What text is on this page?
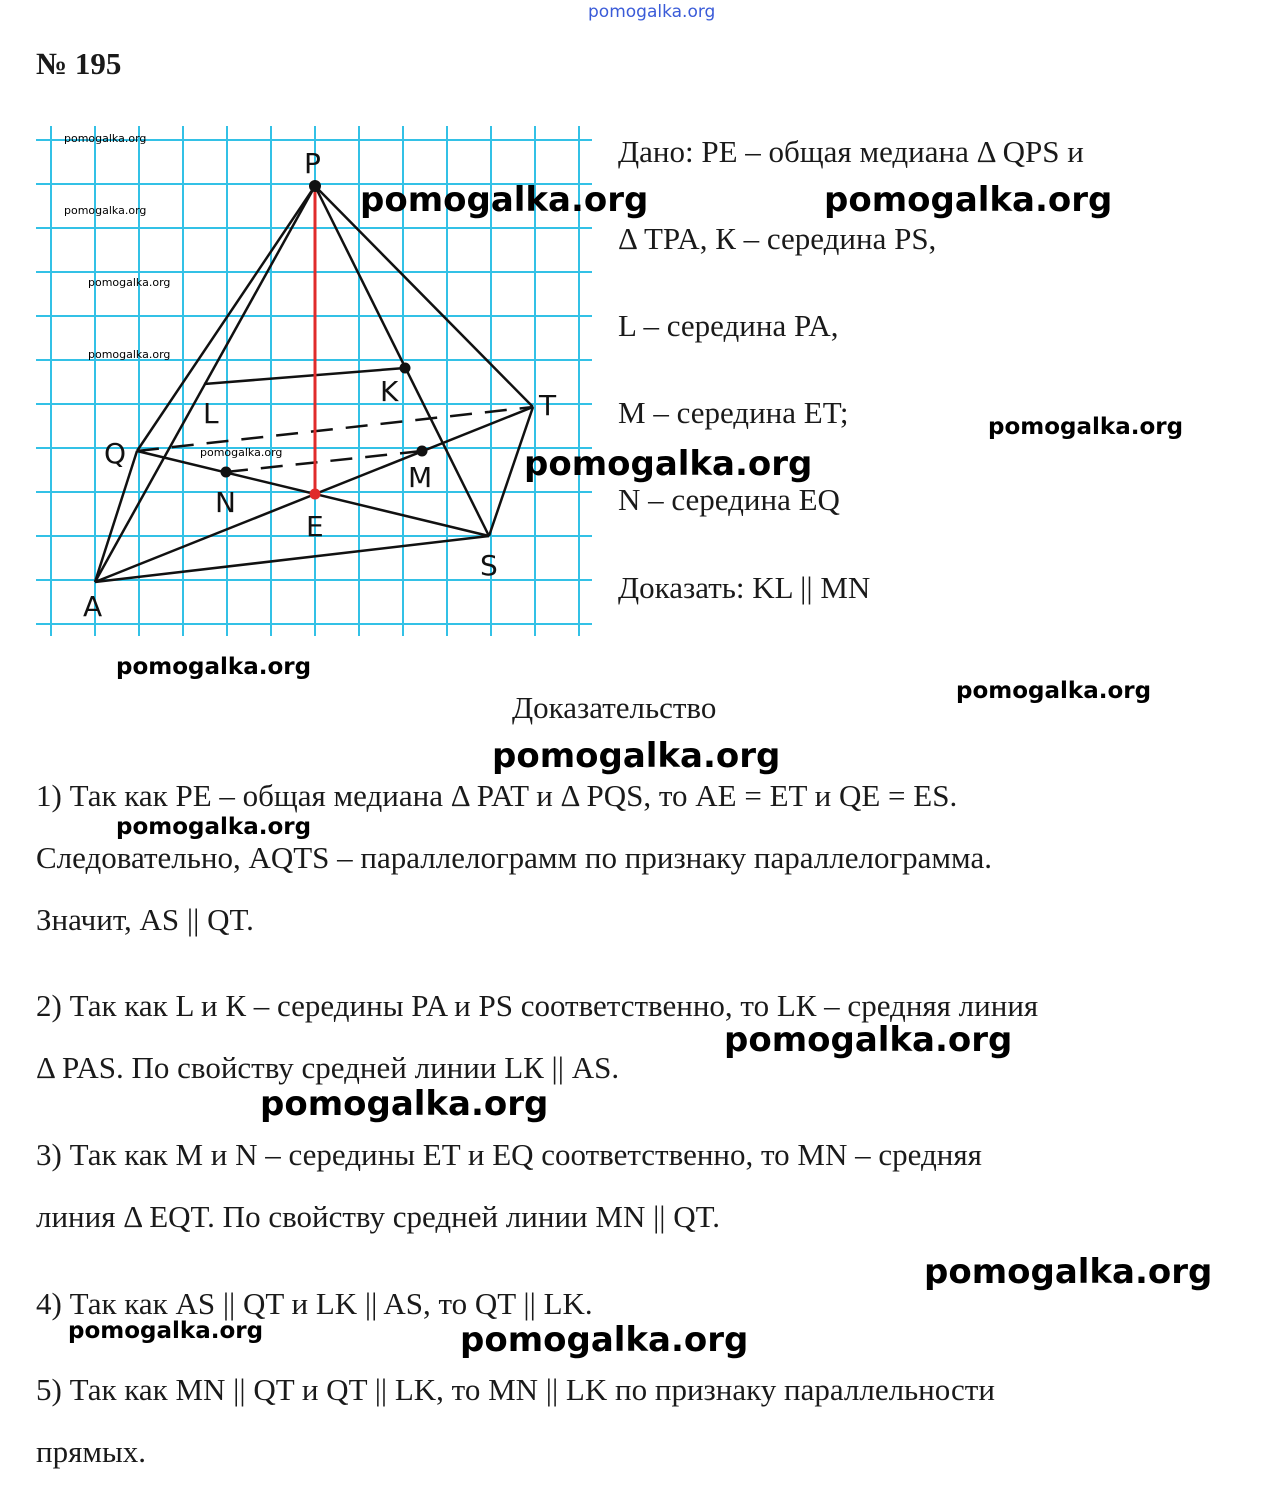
pomogalka.org
№ 195
P
K
L	T
Q
M
N
E
S
A
pomogalka.org
pomogalka.org
pomogalka.org
pomogalka.org
pomogalka.org
Дано: PE – общая медиана Δ QPS и
Δ TPA, К – середина PS,
L – середина PA,
M – середина ET;
N – середина EQ
Доказать: KL || MN
Доказательство
1) Так как PE – общая медиана Δ PAT и Δ PQS, то AE = ET и QE = ES.
Следовательно, AQTS – параллелограмм по признаку параллелограмма.
Значит, AS || QT.
2) Так как L и К – середины PA и PS соответственно, то LК – средняя линия
Δ PAS. По свойству средней линии LК || AS.
3) Так как M и N – середины ET и EQ соответственно, то MN – средняя
линия Δ EQT. По свойству средней линии MN || QT.
4) Так как AS || QT и LK || AS, то QT || LK.
5) Так как MN || QT и QT || LK, то MN || LK по признаку параллельности
прямых.
pomogalka.org	pomogalka.org
pomogalka.org
pomogalka.org
pomogalka.org
pomogalka.org
pomogalka.org
pomogalka.org
pomogalka.org
pomogalka.org
pomogalka.org
pomogalka.org	pomogalka.org
